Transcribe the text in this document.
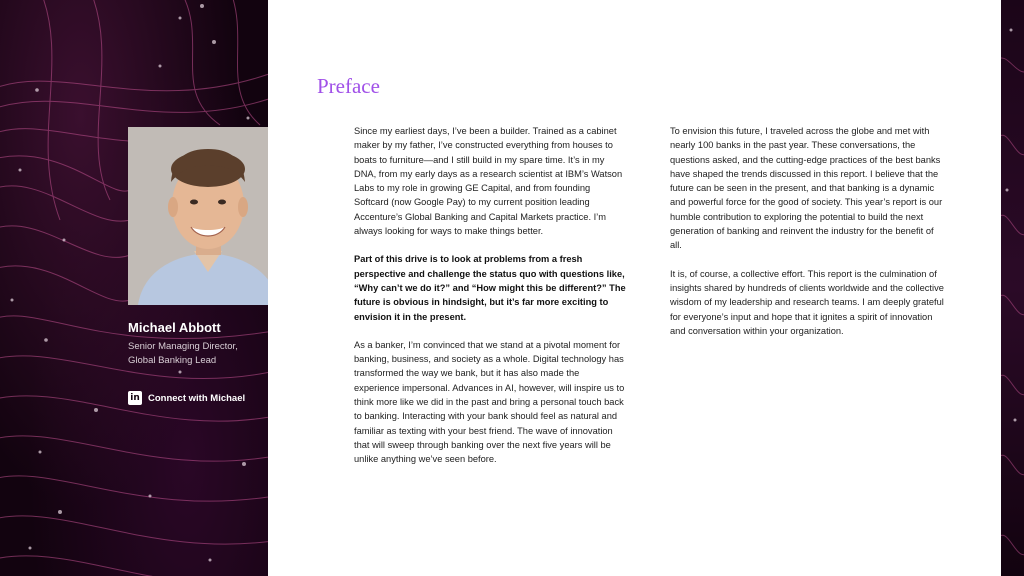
Michael Abbott
Senior Managing Director, Global Banking Lead
in Connect with Michael
Preface

Since my earliest days, I’ve been a builder. Trained as a cabinet maker by my father, I’ve constructed everything from houses to boats to furniture—and I still build in my spare time. It’s in my DNA, from my early days as a research scientist at IBM’s Watson Labs to my role in growing GE Capital, and from founding Softcard (now Google Pay) to my current position leading Accenture’s Global Banking and Capital Markets practice. I’m always looking for ways to make things better.

Part of this drive is to look at problems from a fresh perspective and challenge the status quo with questions like, “Why can’t we do it?” and “How might this be different?” The future is obvious in hindsight, but it’s far more exciting to envision it in the present.

As a banker, I’m convinced that we stand at a pivotal moment for banking, business, and society as a whole. Digital technology has transformed the way we bank, but it has also made the experience impersonal. Advances in AI, however, will inspire us to think more like we did in the past and bring a personal touch back to banking. Interacting with your bank should feel as natural and familiar as texting with your best friend. The wave of innovation that will sweep through banking over the next five years will be unlike anything we’ve seen before.

To envision this future, I traveled across the globe and met with nearly 100 banks in the past year. These conversations, the questions asked, and the cutting-edge practices of the best banks have shaped the trends discussed in this report. I believe that the future can be seen in the present, and that banking is a dynamic and powerful force for the good of society. This year’s report is our humble contribution to exploring the potential to build the next generation of banking and reinvent the industry for the benefit of all.

It is, of course, a collective effort. This report is the culmination of insights shared by hundreds of clients worldwide and the collective wisdom of my leadership and research teams. I am deeply grateful for everyone’s input and hope that it ignites a spirit of innovation and conversation within your organization.
